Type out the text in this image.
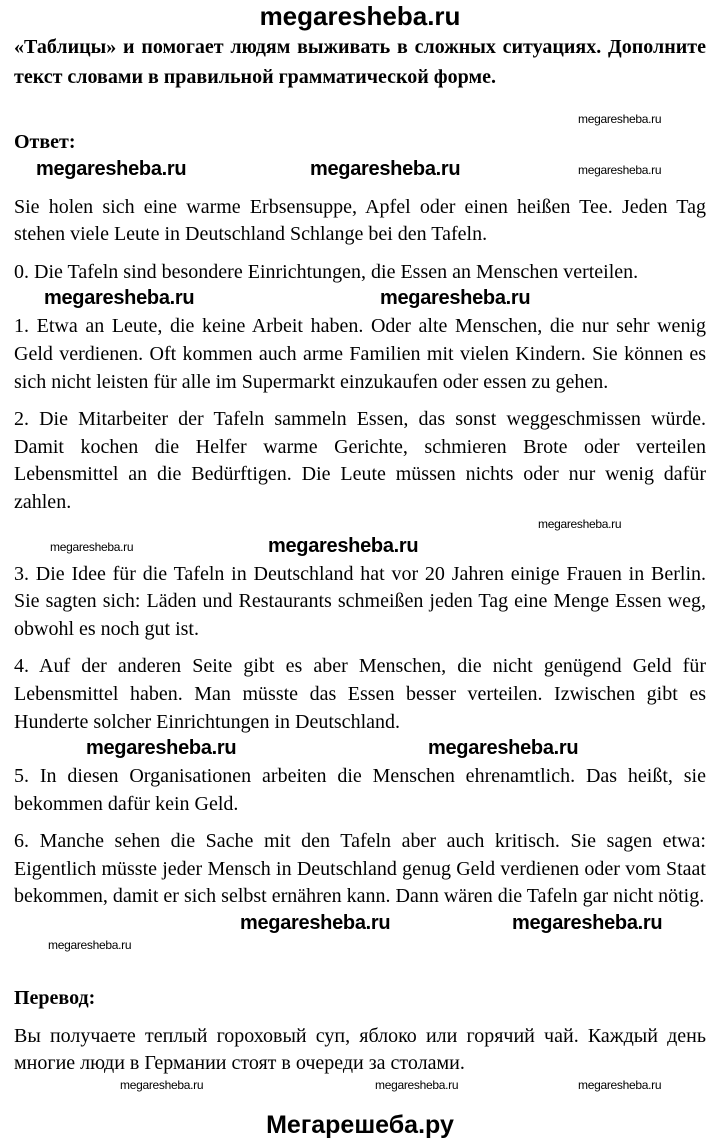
megaresheba.ru
«Таблицы» и помогает людям выживать в сложных ситуациях. Дополните текст словами в правильной грамматической форме.
megaresheba.ru
Ответ:
megaresheba.ru	megaresheba.ru	megaresheba.ru
Sie holen sich eine warme Erbsensuppe, Apfel oder einen heißen Tee. Jeden Tag stehen viele Leute in Deutschland Schlange bei den Tafeln.
0. Die Tafeln sind besondere Einrichtungen, die Essen an Menschen verteilen.
megaresheba.ru	megaresheba.ru
1. Etwa an Leute, die keine Arbeit haben. Oder alte Menschen, die nur sehr wenig Geld verdienen. Oft kommen auch arme Familien mit vielen Kindern. Sie können es sich nicht leisten für alle im Supermarkt einzukaufen oder essen zu gehen.
2. Die Mitarbeiter der Tafeln sammeln Essen, das sonst weggeschmissen würde. Damit kochen die Helfer warme Gerichte, schmieren Brote oder verteilen Lebensmittel an die Bedürftigen. Die Leute müssen nichts oder nur wenig dafür zahlen.
megaresheba.ru
megaresheba.ru	megaresheba.ru
3. Die Idee für die Tafeln in Deutschland hat vor 20 Jahren einige Frauen in Berlin. Sie sagten sich: Läden und Restaurants schmeißen jeden Tag eine Menge Essen weg, obwohl es noch gut ist.
4. Auf der anderen Seite gibt es aber Menschen, die nicht genügend Geld für Lebensmittel haben. Man müsste das Essen besser verteilen. Izwischen gibt es Hunderte solcher Einrichtungen in Deutschland.
megaresheba.ru	megaresheba.ru
5. In diesen Organisationen arbeiten die Menschen ehrenamtlich. Das heißt, sie bekommen dafür kein Geld.
6. Manche sehen die Sache mit den Tafeln aber auch kritisch. Sie sagen etwa: Eigentlich müsste jeder Mensch in Deutschland genug Geld verdienen oder vom Staat bekommen, damit er sich selbst ernähren kann. Dann wären die Tafeln gar nicht nötig.
megaresheba.ru	megaresheba.ru
megaresheba.ru
Перевод:
Вы получаете теплый гороховый суп, яблоко или горячий чай. Каждый день многие люди в Германии стоят в очереди за столами.
megaresheba.ru	megaresheba.ru	megaresheba.ru
Мегарешеба.ру
